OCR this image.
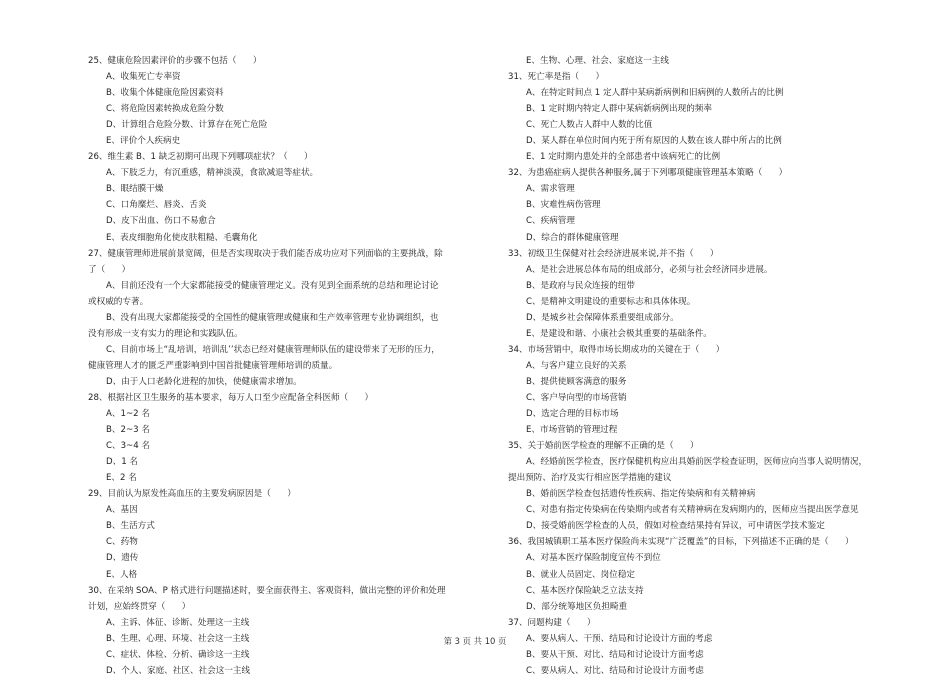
25、健康危险因素评价的步骤不包括（      ）
A、收集死亡专率资
B、收集个体健康危险因素资料
C、将危险因素转换成危险分数
D、计算组合危险分数、计算存在死亡危险
E、评价个人疾病史
26、维生素 B、1 缺乏初期可出现下列哪项症状？（      ）
A、下肢乏力，有沉重感，精神淡漠，食欲减退等症状。
B、眼结膜干燥
C、口角糜烂、唇炎、舌炎
D、皮下出血、伤口不易愈合
E、表皮细胞角化使皮肤粗糙、毛囊角化
27、健康管理师进展前景宽阔，但是否实现取决于我们能否成功应对下列面临的主要挑战，除
了（      ）
A、目前还没有一个大家都能接受的健康管理定义。没有见到全面系统的总结和理论讨论
或权威的专著。
B、没有出现大家都能接受的全国性的健康管理或健康和生产效率管理专业协调组织，也
没有形成一支有实力的理论和实践队伍。
C、目前市场上“乱培训，培训乱’’状态已经对健康管理师队伍的建设带来了无形的压力，
健康管理人才的匮乏严重影响到中国首批健康管理师培训的质量。
D、由于人口老龄化进程的加快，使健康需求增加。
28、根据社区卫生服务的基本要求，每万人口至少应配备全科医师（      ）
A、1~2 名
B、2~3 名
C、3~4 名
D、1 名
E、2 名
29、目前认为原发性高血压的主要发病原因是（      ）
A、基因
B、生活方式
C、药物
D、遗传
E、人格
30、在采纳 SOA、P 格式进行问题描述时，要全面获得主、客观资料，做出完整的评价和处理
计划，应始终贯穿（      ）
A、主诉、体征、诊断、处理这一主线
B、生理、心理、环境、社会这一主线
C、症状、体检、分析、确诊这一主线
D、个人、家庭、社区、社会这一主线
E、生物、心理、社会、家庭这一主线
31、死亡率是指（      ）
A、在特定时间点 1 定人群中某病新病例和旧病例的人数所占的比例
B、1 定时期内特定人群中某病新病例出现的频率
C、死亡人数占人群中人数的比值
D、某人群在单位时间内死于所有原因的人数在该人群中所占的比例
E、1 定时期内患处并的全部患者中该病死亡的比例
32、为患癌症病人提供各种服务,属于下列哪项健康管理基本策略（      ）
A、需求管理
B、灾难性病伤管理
C、疾病管理
D、综合的群体健康管理
33、初级卫生保健对社会经济进展来说,并不指（      ）
A、是社会进展总体布局的组成部分，必须与社会经济同步进展。
B、是政府与民众连接的纽带
C、是精神文明建设的重要标志和具体体现。
D、是城乡社会保障体系重要组成部分。
E、是建设和谐、小康社会极其重要的基础条件。
34、市场营销中，取得市场长期成功的关键在于（      ）
A、与客户建立良好的关系
B、提供使顾客满意的服务
C、客户导向型的市场营销
D、选定合理的目标市场
E、市场营销的管理过程
35、关于婚前医学检查的理解不正确的是（      ）
A、经婚前医学检查，医疗保健机构应出具婚前医学检查证明，医师应向当事人说明情况，
提出预防、治疗及实行相应医学措施的建议
B、婚前医学检查包括遗传性疾病、指定传染病和有关精神病
C、对患有指定传染病在传染期内或者有关精神病在发病期内的，医师应当提出医学意见
D、接受婚前医学检查的人员，假如对检查结果持有异议，可申请医学技术鉴定
36、我国城镇职工基本医疗保险尚未实现“广泛覆盖”的目标，下列描述不正确的是（      ）
A、对基本医疗保险制度宣传不到位
B、就业人员固定、岗位稳定
C、基本医疗保险缺乏立法支持
D、部分统筹地区负担畸重
37、问题构建（      ）
A、要从病人、干预、结局和讨论设计方面的考虑
B、要从干预、对比、结局和讨论设计方面考虑
C、要从病人、对比、结局和讨论设计方面考虑
第 3 页 共 10 页
